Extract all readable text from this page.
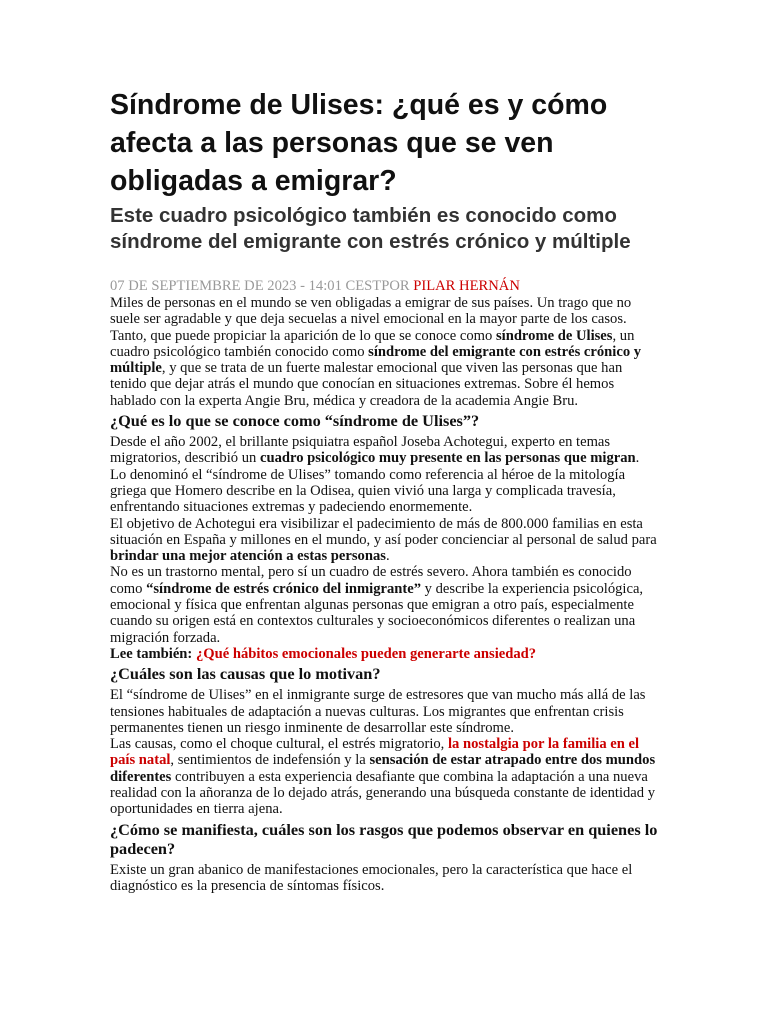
Síndrome de Ulises: ¿qué es y cómo afecta a las personas que se ven obligadas a emigrar?
Este cuadro psicológico también es conocido como síndrome del emigrante con estrés crónico y múltiple
07 DE SEPTIEMBRE DE 2023 - 14:01 CESTPOR PILAR HERNÁN

Miles de personas en el mundo se ven obligadas a emigrar de sus países. Un trago que no suele ser agradable y que deja secuelas a nivel emocional en la mayor parte de los casos. Tanto, que puede propiciar la aparición de lo que se conoce como síndrome de Ulises, un cuadro psicológico también conocido como síndrome del emigrante con estrés crónico y múltiple, y que se trata de un fuerte malestar emocional que viven las personas que han tenido que dejar atrás el mundo que conocían en situaciones extremas. Sobre él hemos hablado con la experta Angie Bru, médica y creadora de la academia Angie Bru.

¿Qué es lo que se conoce como “síndrome de Ulises”?

Desde el año 2002, el brillante psiquiatra español Joseba Achotegui, experto en temas migratorios, describió un cuadro psicológico muy presente en las personas que migran. Lo denominó el “síndrome de Ulises” tomando como referencia al héroe de la mitología griega que Homero describe en la Odisea, quien vivió una larga y complicada travesía, enfrentando situaciones extremas y padeciendo enormemente.

El objetivo de Achotegui era visibilizar el padecimiento de más de 800.000 familias en esta situación en España y millones en el mundo, y así poder concienciar al personal de salud para brindar una mejor atención a estas personas.

No es un trastorno mental, pero sí un cuadro de estrés severo. Ahora también es conocido como “síndrome de estrés crónico del inmigrante” y describe la experiencia psicológica, emocional y física que enfrentan algunas personas que emigran a otro país, especialmente cuando su origen está en contextos culturales y socioeconómicos diferentes o realizan una migración forzada.

Lee también: ¿Qué hábitos emocionales pueden generarte ansiedad?

¿Cuáles son las causas que lo motivan?

El “síndrome de Ulises” en el inmigrante surge de estresores que van mucho más allá de las tensiones habituales de adaptación a nuevas culturas. Los migrantes que enfrentan crisis permanentes tienen un riesgo inminente de desarrollar este síndrome.

Las causas, como el choque cultural, el estrés migratorio, la nostalgia por la familia en el país natal, sentimientos de indefensión y la sensación de estar atrapado entre dos mundos diferentes contribuyen a esta experiencia desafiante que combina la adaptación a una nueva realidad con la añoranza de lo dejado atrás, generando una búsqueda constante de identidad y oportunidades en tierra ajena.

¿Cómo se manifiesta, cuáles son los rasgos que podemos observar en quienes lo padecen?

Existe un gran abanico de manifestaciones emocionales, pero la característica que hace el diagnóstico es la presencia de síntomas físicos.
